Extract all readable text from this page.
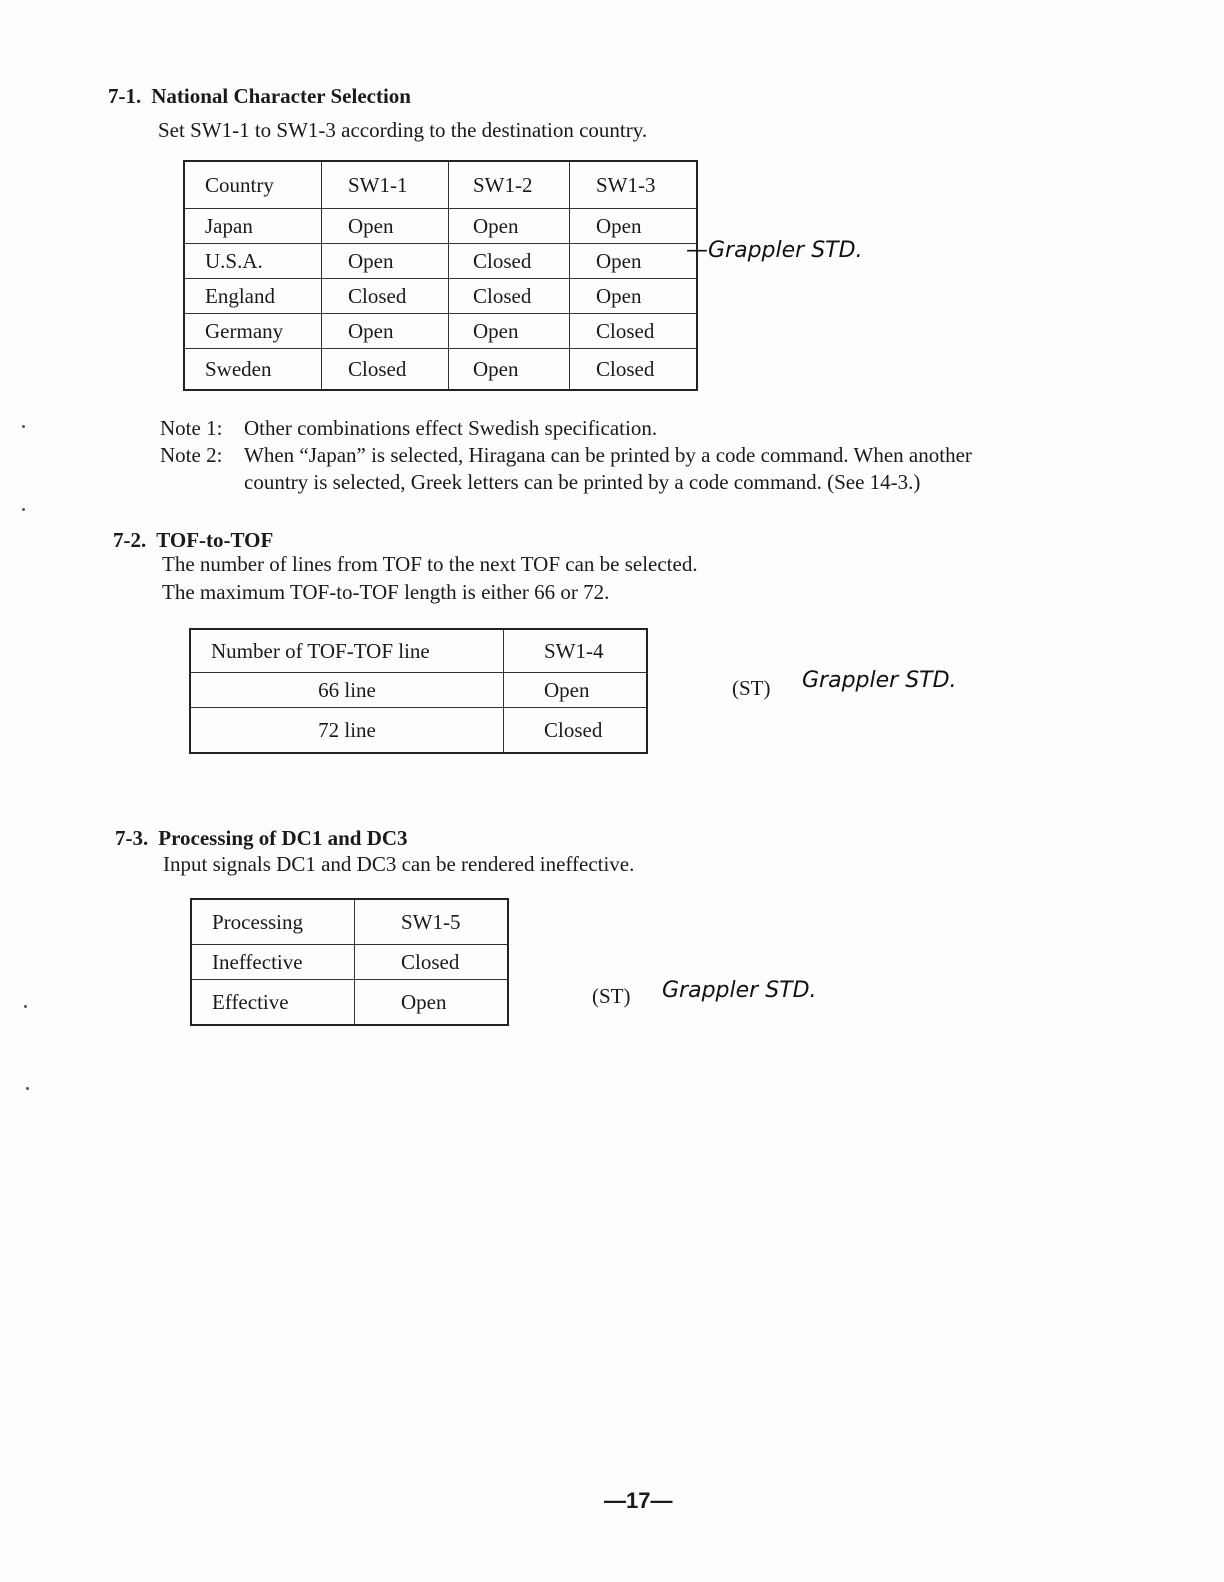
7-1. National Character Selection
Set SW1-1 to SW1-3 according to the destination country.
Country	SW1-1	SW1-2	SW1-3
Japan	Open	Open	Open
U.S.A.	Open	Closed	Open
England	Closed	Closed	Open
Germany	Open	Open	Closed
Sweden	Closed	Open	Closed
—Grappler STD.
Note 1: Other combinations effect Swedish specification.
Note 2: When “Japan” is selected, Hiragana can be printed by a code command. When another
country is selected, Greek letters can be printed by a code command. (See 14-3.)
7-2. TOF-to-TOF
The number of lines from TOF to the next TOF can be selected.
The maximum TOF-to-TOF length is either 66 or 72.
Number of TOF-TOF line	SW1-4
66 line	Open
72 line	Closed
(ST) Grappler STD.
7-3. Processing of DC1 and DC3
Input signals DC1 and DC3 can be rendered ineffective.
Processing	SW1-5
Ineffective	Closed
Effective	Open	(ST) Grappler STD.
—17—
